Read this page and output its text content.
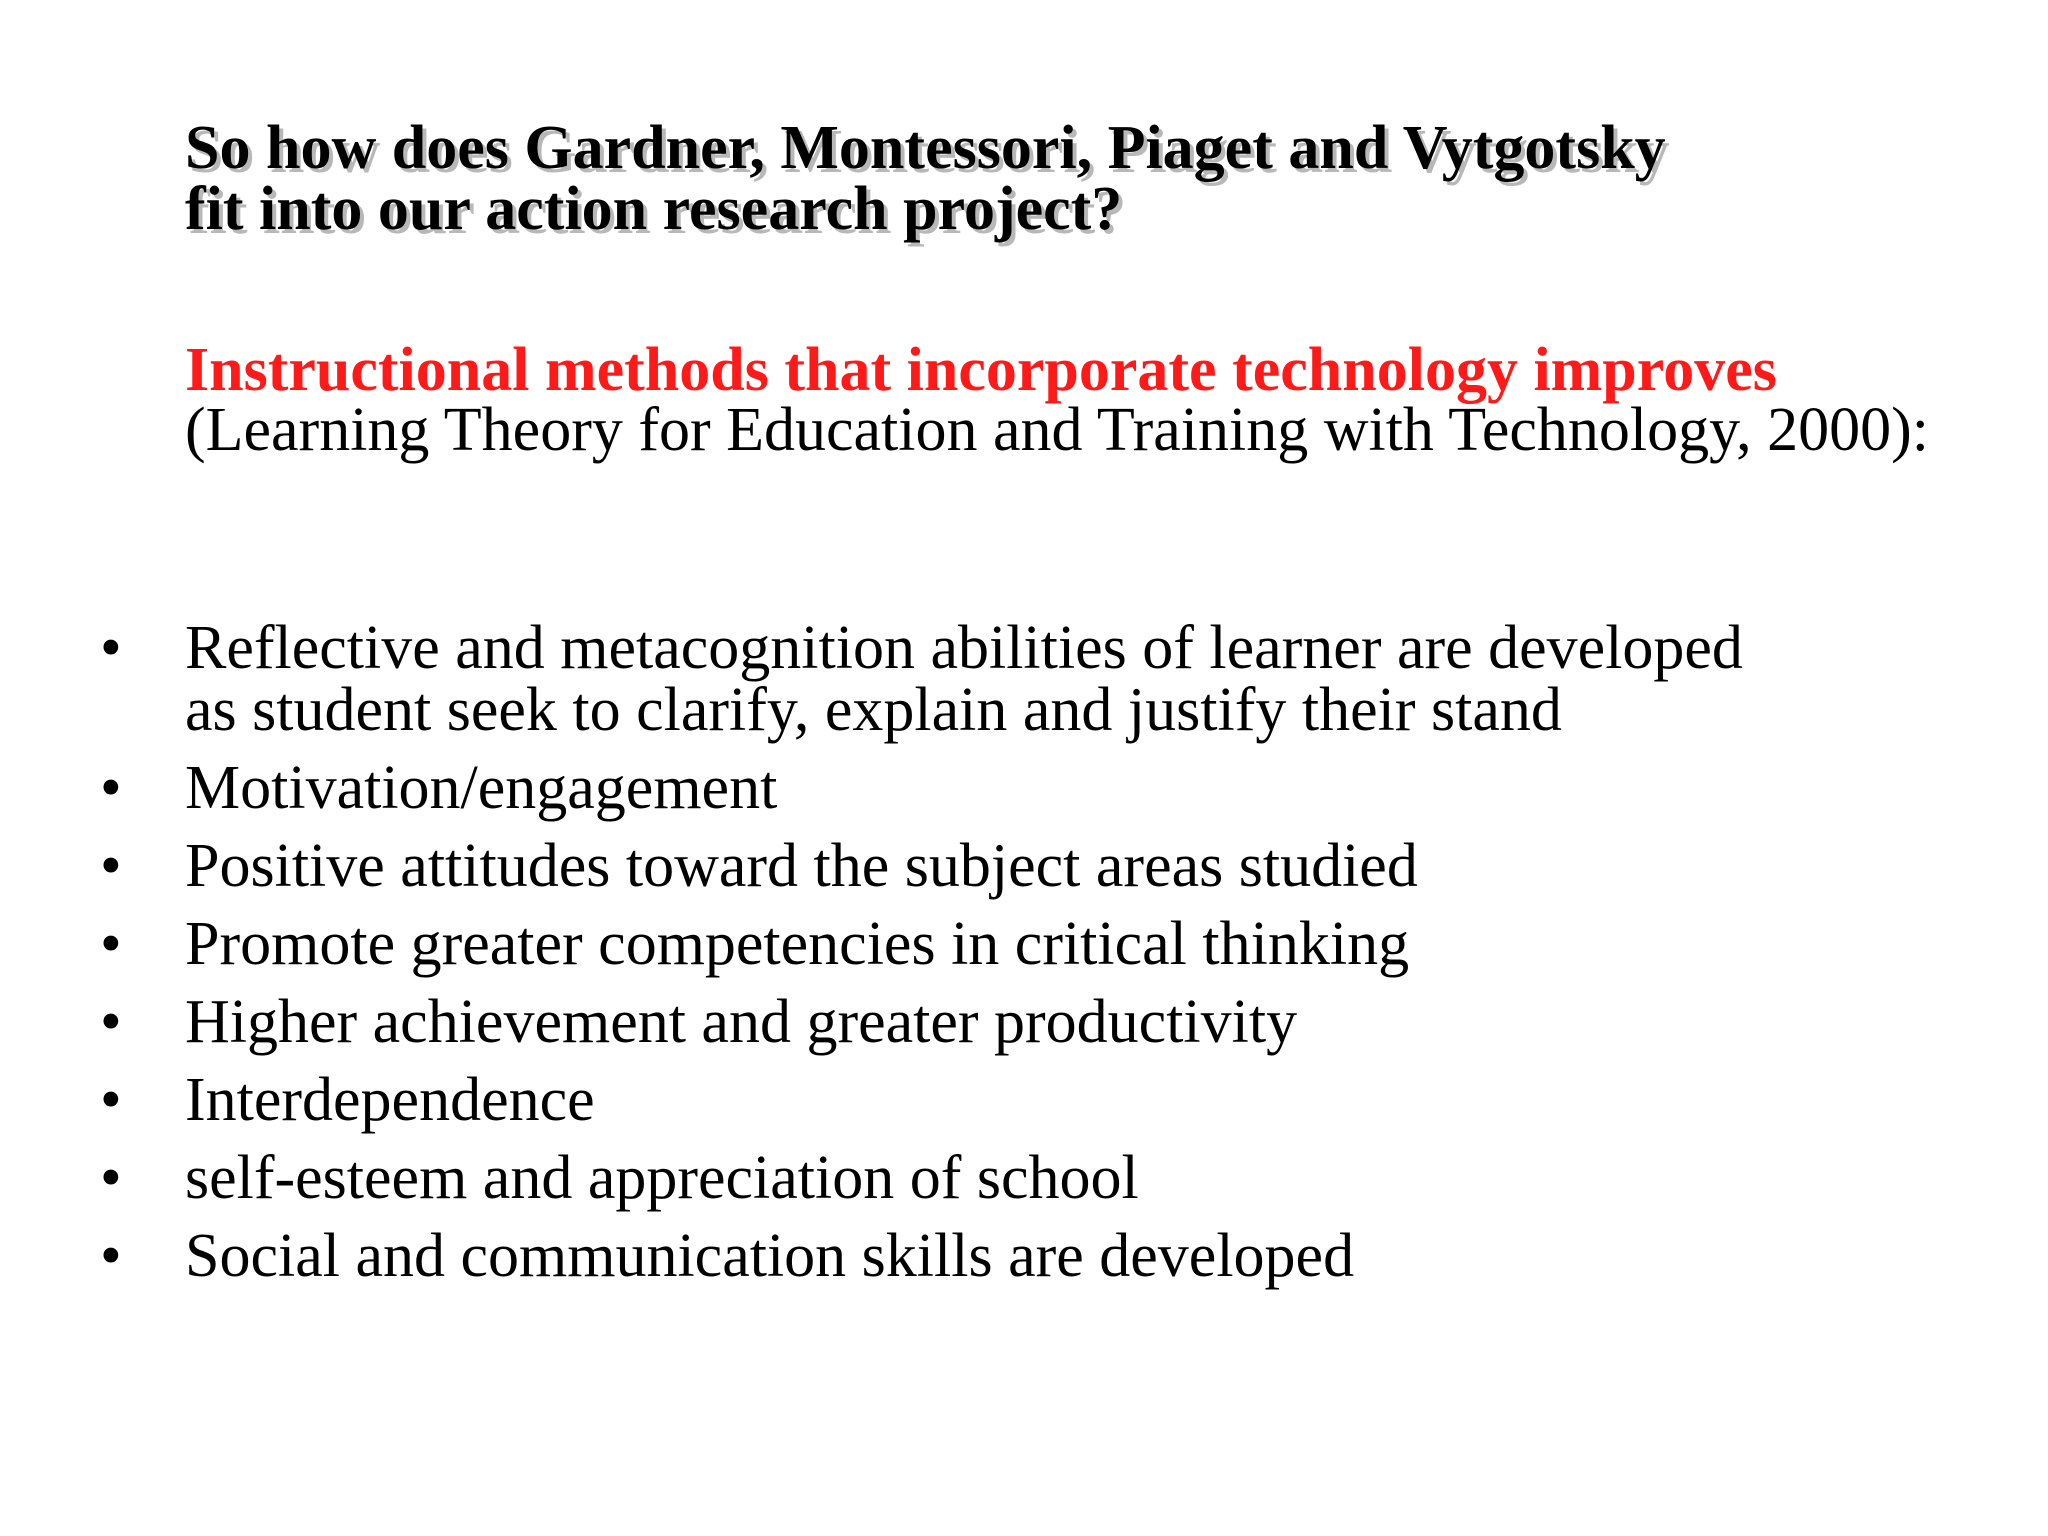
So how does Gardner, Montessori, Piaget and Vytgotsky
fit into our action research project?

Instructional methods that incorporate technology improves (Learning Theory for Education and Training with Technology, 2000):

• Reflective and metacognition abilities of learner are developed
as student seek to clarify, explain and justify their stand
• Motivation/engagement
• Positive attitudes toward the subject areas studied
• Promote greater competencies in critical thinking
• Higher achievement and greater productivity
• Interdependence
• self-esteem and appreciation of school
• Social and communication skills are developed
